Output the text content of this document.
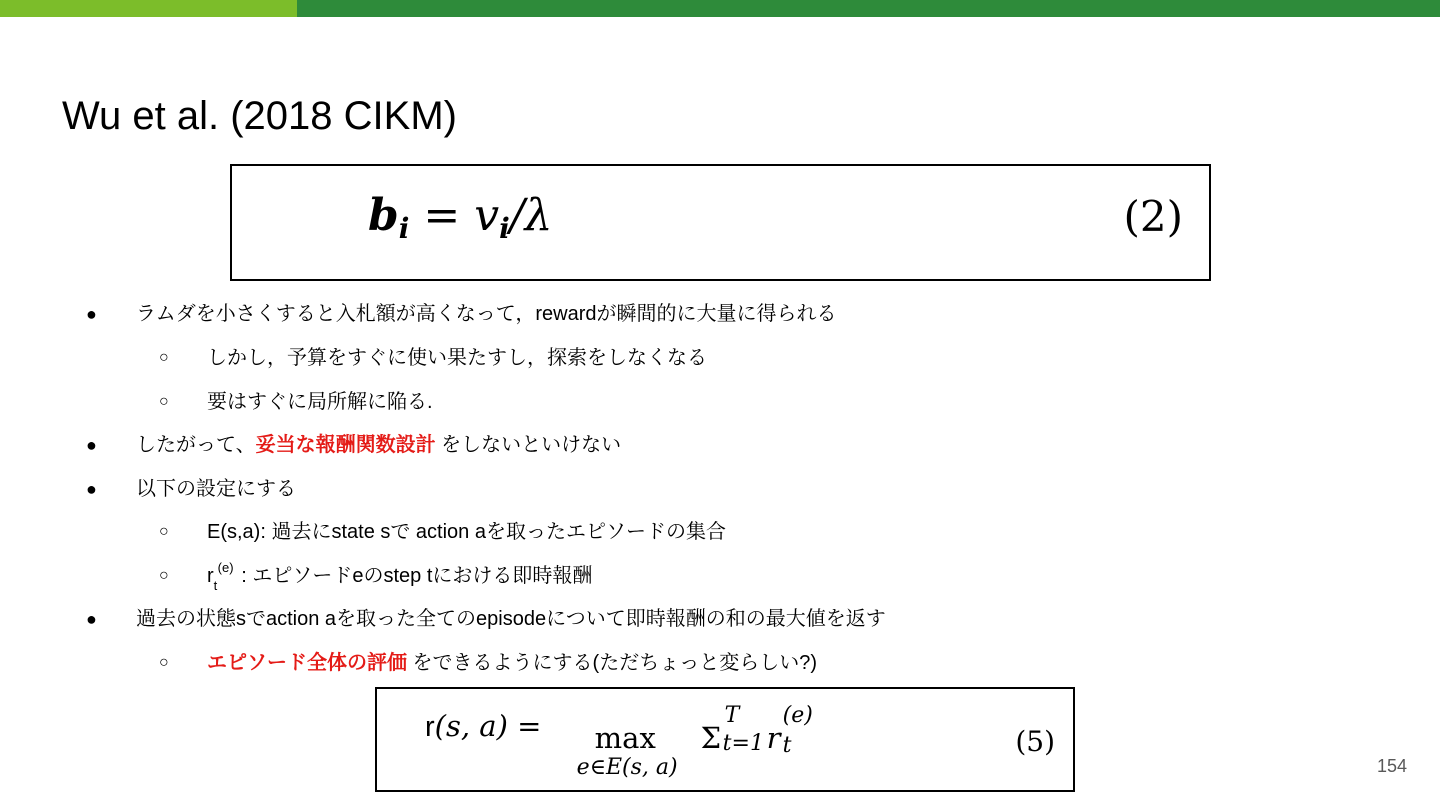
Wu et al. (2018 CIKM)
$b_i = v_i/\lambda$	(2)
● ラムダを小さくすると入札額が高くなって，rewardが瞬間的に大量に得られる
○ しかし，予算をすぐに使い果たすし，探索をしなくなる
○ 要はすぐに局所解に陥る.
● したがって、妥当な報酬関数設計 をしないといけない
● 以下の設定にする
○ E(s,a): 過去にstate sで action aを取ったエピソードの集合
○ r (e)
t : エピソードeのstep tにおける即時報酬
● 過去の状態sでaction aを取った全てのepisodeについて即時報酬の和の最大値を返す
○ エピソード全体の評価 をできるようにする(ただちょっと変らしい?)
r(s, a) = max
e∈E(s, a)
Σ
T
t=1 r
(e)
t	(5)
154
